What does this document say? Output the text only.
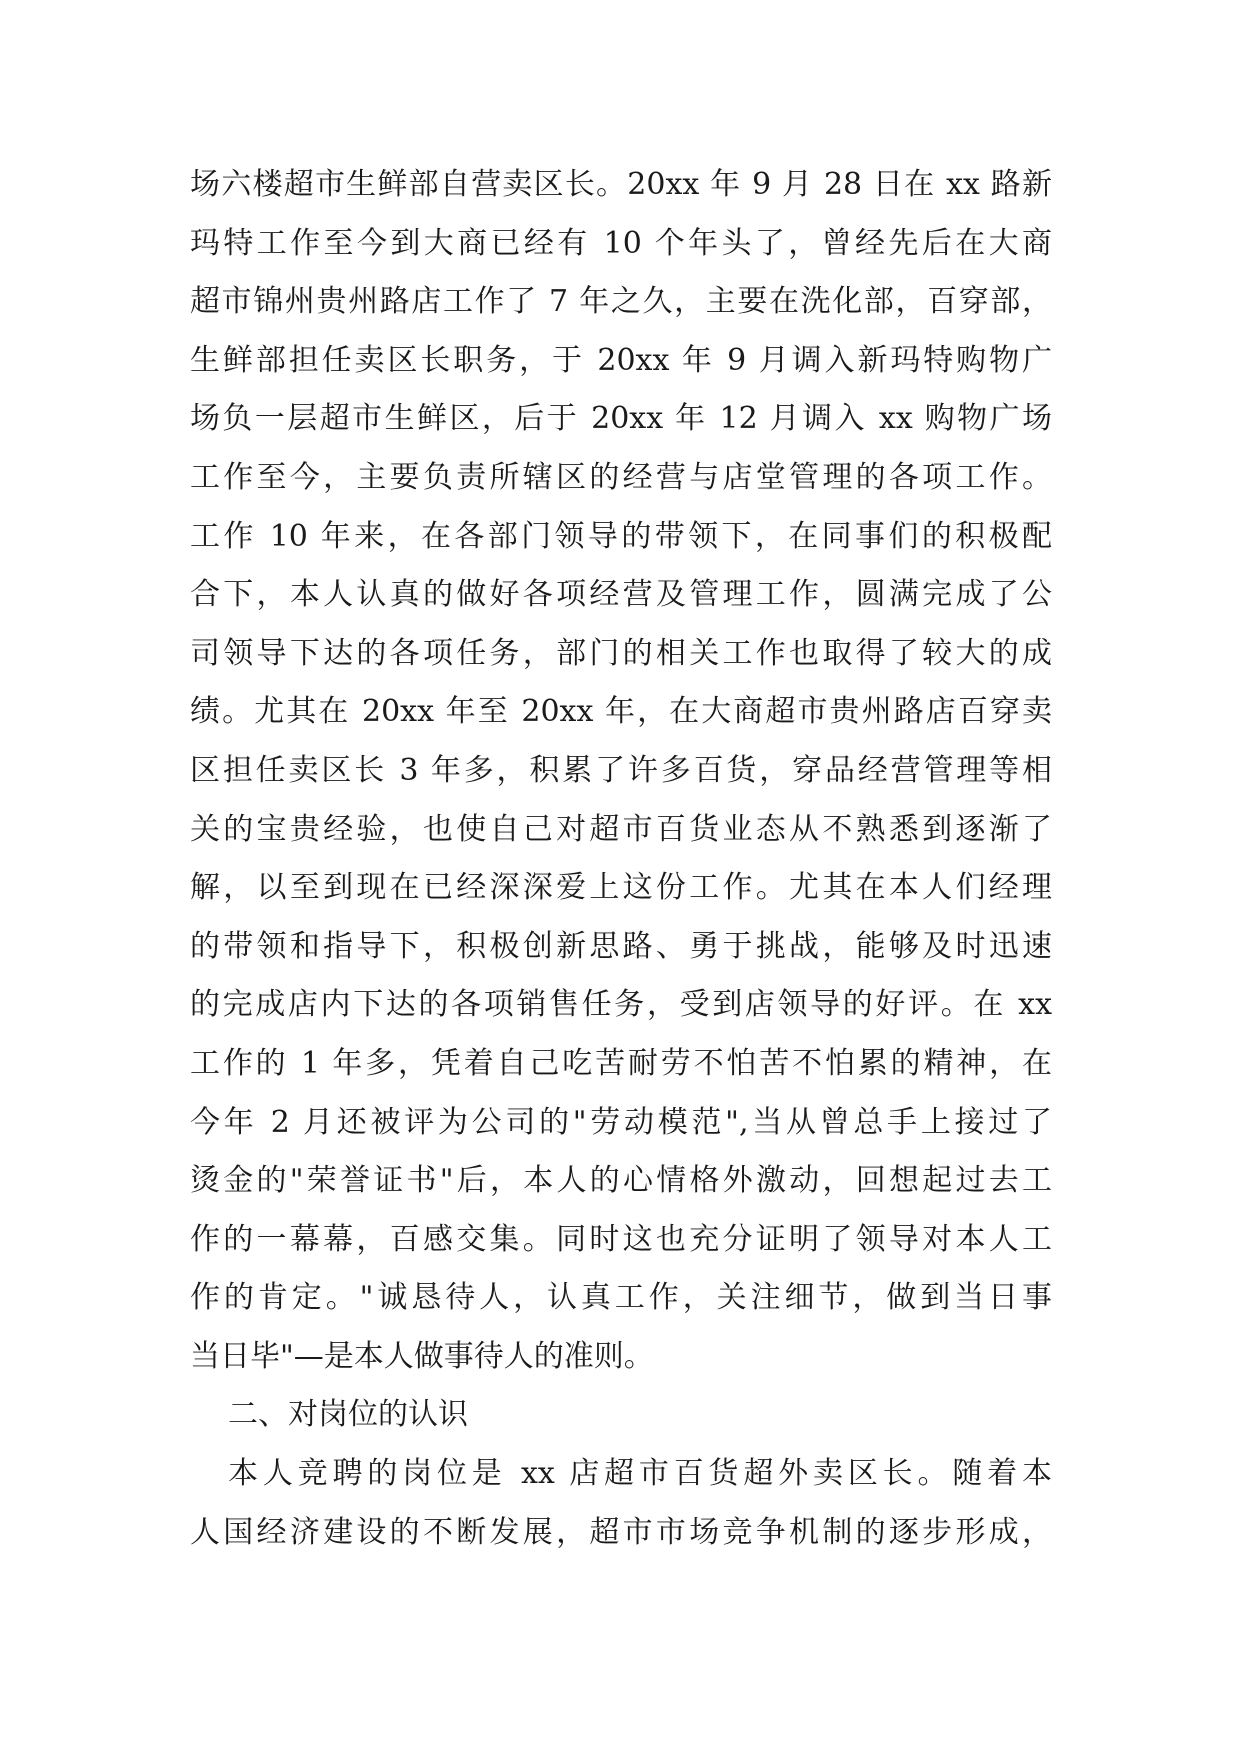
场六楼超市生鲜部自营卖区长。20xx 年 9 月 28 日在 xx 路新
玛特工作至今到大商已经有 10 个年头了，曾经先后在大商
超市锦州贵州路店工作了 7 年之久，主要在洗化部，百穿部，
生鲜部担任卖区长职务，于 20xx 年 9 月调入新玛特购物广
场负一层超市生鲜区，后于 20xx 年 12 月调入 xx 购物广场
工作至今，主要负责所辖区的经营与店堂管理的各项工作。
工作 10 年来，在各部门领导的带领下，在同事们的积极配
合下，本人认真的做好各项经营及管理工作，圆满完成了公
司领导下达的各项任务，部门的相关工作也取得了较大的成
绩。尤其在 20xx 年至 20xx 年，在大商超市贵州路店百穿卖
区担任卖区长 3 年多，积累了许多百货，穿品经营管理等相
关的宝贵经验，也使自己对超市百货业态从不熟悉到逐渐了
解，以至到现在已经深深爱上这份工作。尤其在本人们经理
的带领和指导下，积极创新思路、勇于挑战，能够及时迅速
的完成店内下达的各项销售任务，受到店领导的好评。在 xx
工作的 1 年多，凭着自己吃苦耐劳不怕苦不怕累的精神，在
今年 2 月还被评为公司的"劳动模范",当从曾总手上接过了
烫金的"荣誉证书"后，本人的心情格外激动，回想起过去工
作的一幕幕，百感交集。同时这也充分证明了领导对本人工
作的肯定。"诚恳待人，认真工作，关注细节，做到当日事
当日毕"—是本人做事待人的准则。
二、对岗位的认识
本人竞聘的岗位是 xx 店超市百货超外卖区长。随着本
人国经济建设的不断发展，超市市场竞争机制的逐步形成，
